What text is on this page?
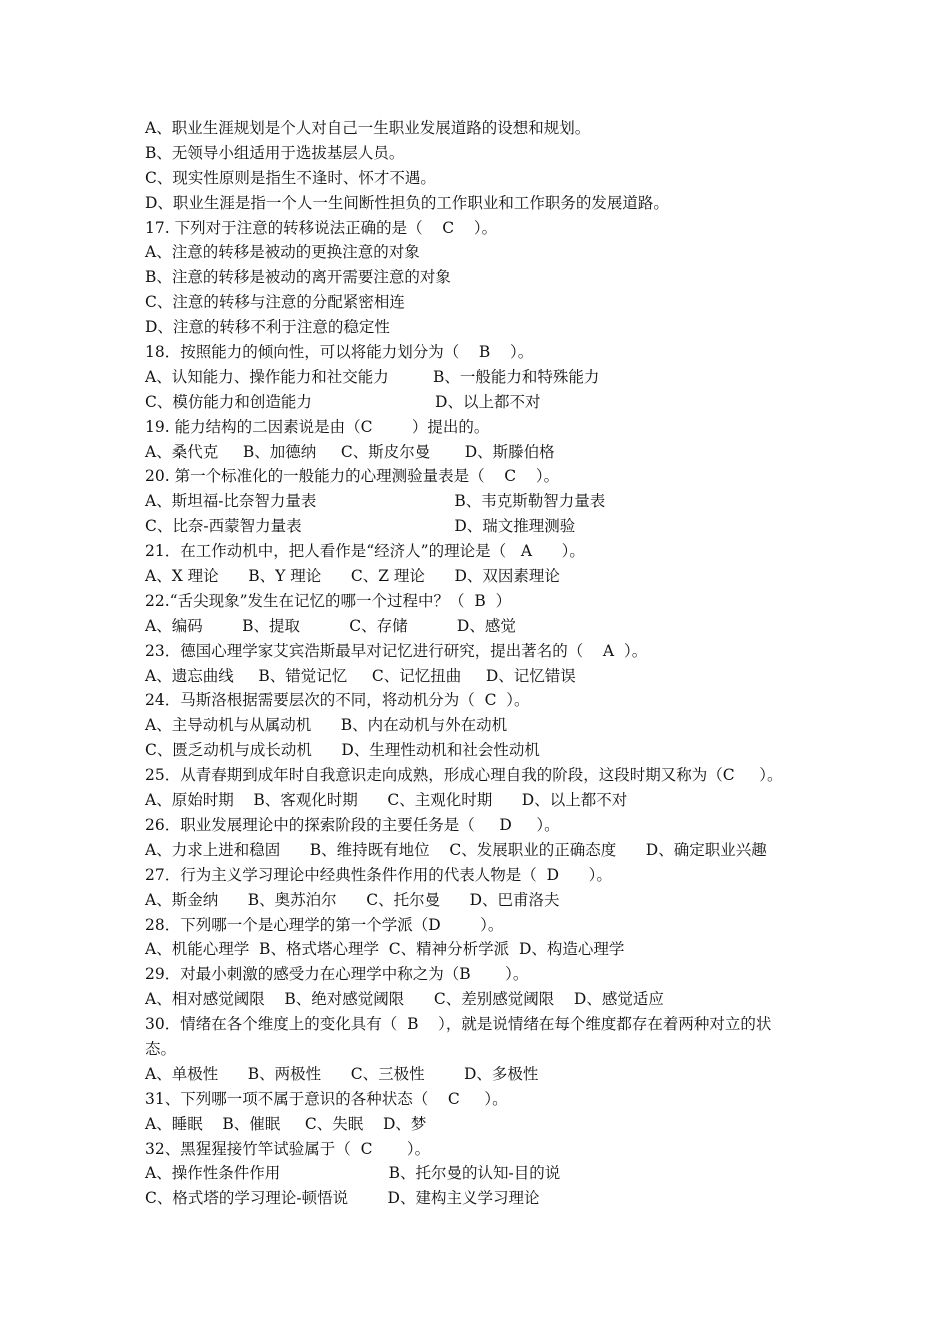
A、职业生涯规划是个人对自己一生职业发展道路的设想和规划。
B、无领导小组适用于选拔基层人员。
C、现实性原则是指生不逢时、怀才不遇。
D、职业生涯是指一个人一生间断性担负的工作职业和工作职务的发展道路。
17. 下列对于注意的转移说法正确的是（    C    ）。
A、注意的转移是被动的更换注意的对象
B、注意的转移是被动的离开需要注意的对象
C、注意的转移与注意的分配紧密相连
D、注意的转移不利于注意的稳定性
18．按照能力的倾向性，可以将能力划分为（    B    ）。
A、认知能力、操作能力和社交能力         B、一般能力和特殊能力
C、模仿能力和创造能力                         D、以上都不对
19. 能力结构的二因素说是由（C        ）提出的。
A、桑代克     B、加德纳     C、斯皮尔曼       D、斯滕伯格
20. 第一个标准化的一般能力的心理测验量表是（    C    ）。
A、斯坦福-比奈智力量表                            B、韦克斯勒智力量表
C、比奈-西蒙智力量表                               D、瑞文推理测验
21．在工作动机中，把人看作是“经济人”的理论是（   A      ）。
A、X 理论      B、Y 理论      C、Z 理论      D、双因素理论
22.“舌尖现象”发生在记忆的哪一个过程中？（  B  ）
A、编码        B、提取          C、存储          D、感觉
23．德国心理学家艾宾浩斯最早对记忆进行研究，提出著名的（    A  ）。
A、遗忘曲线     B、错觉记忆     C、记忆扭曲     D、记忆错误
24．马斯洛根据需要层次的不同，将动机分为（  C  ）。
A、主导动机与从属动机      B、内在动机与外在动机
C、匮乏动机与成长动机      D、生理性动机和社会性动机
25．从青春期到成年时自我意识走向成熟，形成心理自我的阶段，这段时期又称为（C     ）。
A、原始时期    B、客观化时期      C、主观化时期      D、以上都不对
26．职业发展理论中的探索阶段的主要任务是（     D     ）。
A、力求上进和稳固      B、维持既有地位    C、发展职业的正确态度      D、确定职业兴趣
27．行为主义学习理论中经典性条件作用的代表人物是（  D      ）。
A、斯金纳      B、奥苏泊尔      C、托尔曼      D、巴甫洛夫
28．下列哪一个是心理学的第一个学派（D        ）。
A、机能心理学  B、格式塔心理学  C、精神分析学派  D、构造心理学
29．对最小刺激的感受力在心理学中称之为（B       ）。
A、相对感觉阈限    B、绝对感觉阈限      C、差别感觉阈限    D、感觉适应
30．情绪在各个维度上的变化具有（  B    ），就是说情绪在每个维度都存在着两种对立的状
态。
A、单极性      B、两极性      C、三极性        D、多极性
31、下列哪一项不属于意识的各种状态（    C     ）。
A、睡眠    B、催眠     C、失眠    D、梦
32、黑猩猩接竹竿试验属于（  C       ）。
A、操作性条件作用                      B、托尔曼的认知-目的说
C、格式塔的学习理论-顿悟说        D、建构主义学习理论
